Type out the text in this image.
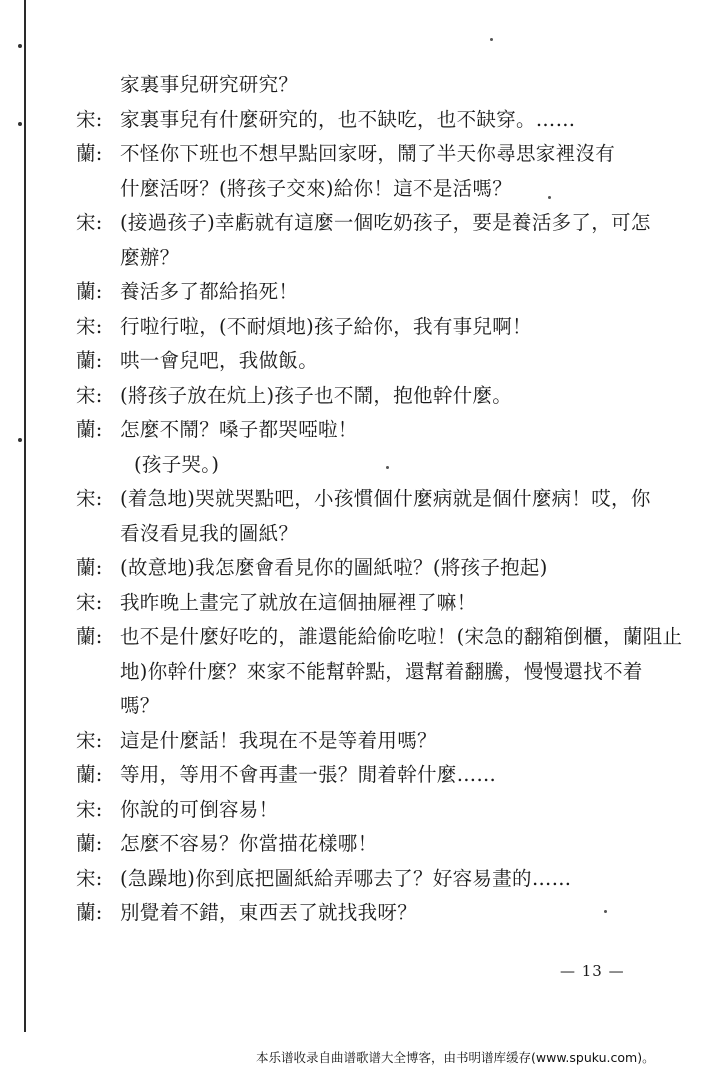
家裏事兒研究研究？
宋: 家裏事兒有什麼研究的，也不缺吃，也不缺穿。……
蘭: 不怪你下班也不想早點回家呀，鬧了半天你尋思家裡沒有
什麼活呀？(將孩子交來)給你！這不是活嗎？
宋: (接過孩子)幸虧就有這麼一個吃奶孩子，要是養活多了，可怎
麼辦？
蘭: 養活多了都給掐死！
宋: 行啦行啦，(不耐煩地)孩子給你，我有事兒啊！
蘭: 哄一會兒吧，我做飯。
宋: (將孩子放在炕上)孩子也不鬧，抱他幹什麼。
蘭: 怎麼不鬧？嗓子都哭啞啦！
(孩子哭。)
宋: (着急地)哭就哭點吧，小孩慣個什麼病就是個什麼病！哎，你
看沒看見我的圖紙？
蘭: (故意地)我怎麼會看見你的圖紙啦？(將孩子抱起)
宋: 我昨晚上畫完了就放在這個抽屜裡了嘛！
蘭: 也不是什麼好吃的，誰還能給偷吃啦！(宋急的翻箱倒櫃，蘭阻止
地)你幹什麼？來家不能幫幹點，還幫着翻騰，慢慢還找不着
嗎？
宋: 這是什麼話！我現在不是等着用嗎？
蘭: 等用，等用不會再畫一張？閒着幹什麼……
宋: 你說的可倒容易！
蘭: 怎麼不容易？你當描花樣哪！
宋: (急躁地)你到底把圖紙給弄哪去了？好容易畫的……
蘭: 別覺着不錯，東西丟了就找我呀？
— 13 —
本乐谱收录自曲谱歌谱大全博客，由书明谱库缓存(www.spuku.com)。
